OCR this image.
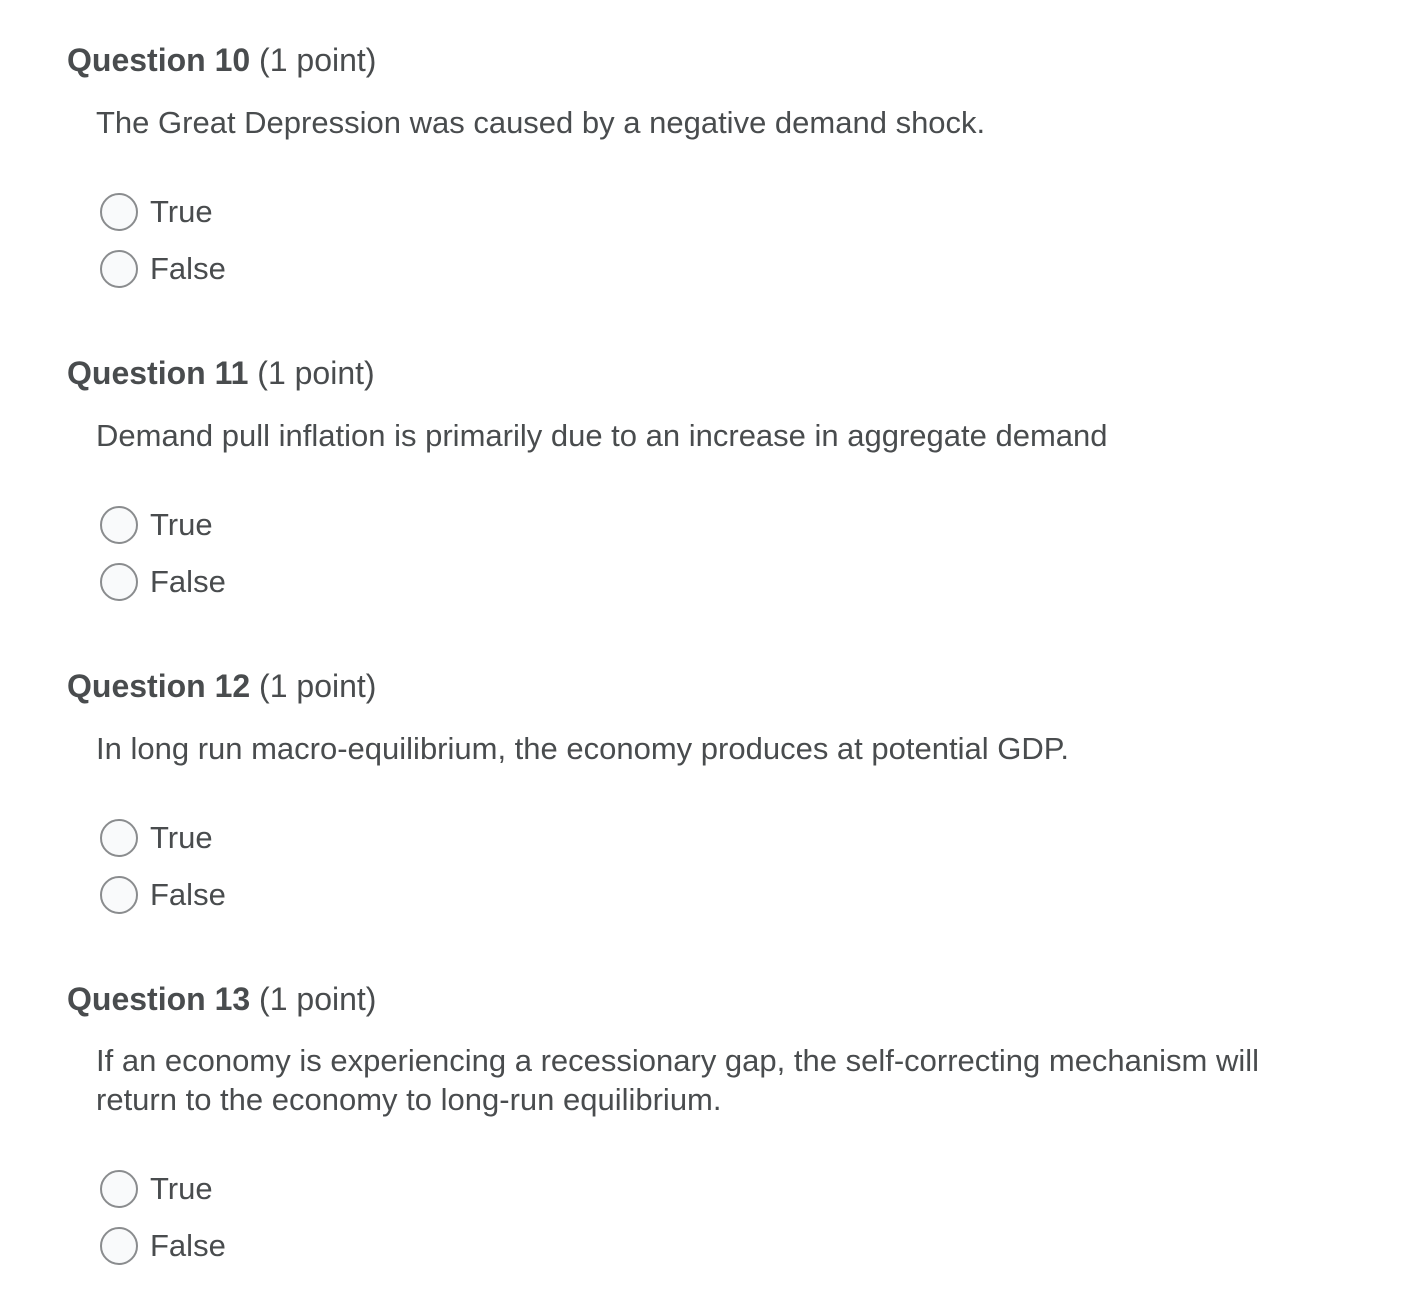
Question 10 (1 point)
The Great Depression was caused by a negative demand shock.
True
False
Question 11 (1 point)
Demand pull inflation is primarily due to an increase in aggregate demand
True
False
Question 12 (1 point)
In long run macro-equilibrium, the economy produces at potential GDP.
True
False
Question 13 (1 point)
If an economy is experiencing a recessionary gap, the self-correcting mechanism will return to the economy to long-run equilibrium.
True
False
